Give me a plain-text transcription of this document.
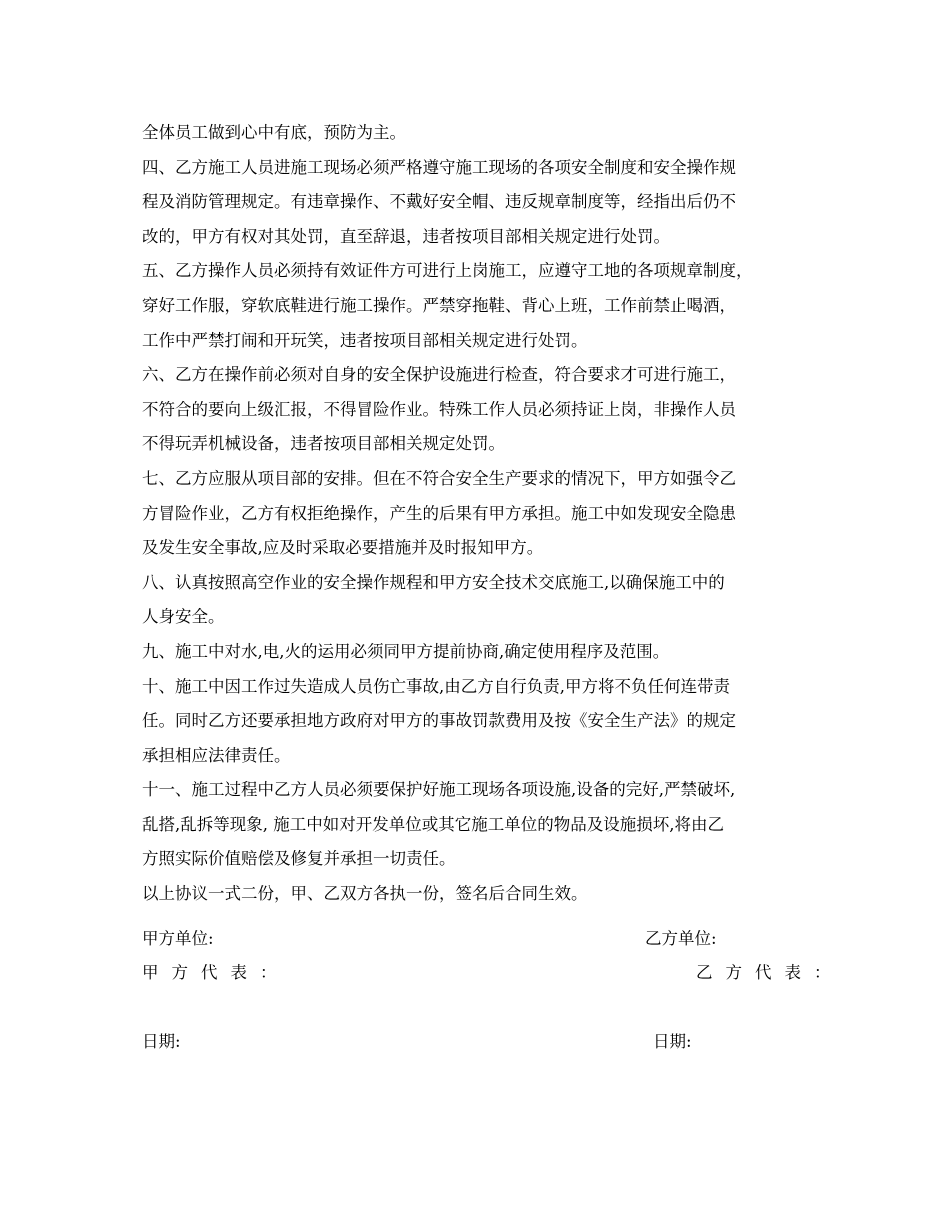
全体员工做到心中有底，预防为主。
四、乙方施工人员进施工现场必须严格遵守施工现场的各项安全制度和安全操作规
程及消防管理规定。有违章操作、不戴好安全帽、违反规章制度等，经指出后仍不
改的，甲方有权对其处罚，直至辞退，违者按项目部相关规定进行处罚。
五、乙方操作人员必须持有效证件方可进行上岗施工，应遵守工地的各项规章制度，
穿好工作服，穿软底鞋进行施工操作。严禁穿拖鞋、背心上班，工作前禁止喝酒，
工作中严禁打闹和开玩笑，违者按项目部相关规定进行处罚。
六、乙方在操作前必须对自身的安全保护设施进行检查，符合要求才可进行施工，
不符合的要向上级汇报，不得冒险作业。特殊工作人员必须持证上岗，非操作人员
不得玩弄机械设备，违者按项目部相关规定处罚。
七、乙方应服从项目部的安排。但在不符合安全生产要求的情况下，甲方如强令乙
方冒险作业，乙方有权拒绝操作，产生的后果有甲方承担。施工中如发现安全隐患
及发生安全事故,应及时采取必要措施并及时报知甲方。
八、认真按照高空作业的安全操作规程和甲方安全技术交底施工,以确保施工中的
人身安全。
九、施工中对水,电,火的运用必须同甲方提前协商,确定使用程序及范围。
十、施工中因工作过失造成人员伤亡事故,由乙方自行负责,甲方将不负任何连带责
任。同时乙方还要承担地方政府对甲方的事故罚款费用及按《安全生产法》的规定
承担相应法律责任。
十一、施工过程中乙方人员必须要保护好施工现场各项设施,设备的完好,严禁破坏,
乱搭,乱拆等现象, 施工中如对开发单位或其它施工单位的物品及设施损坏,将由乙
方照实际价值赔偿及修复并承担一切责任。
以上协议一式二份，甲、乙双方各执一份，签名后合同生效。
甲方单位:	乙方单位:
甲方代表：	乙方代表：
日期:	日期:
